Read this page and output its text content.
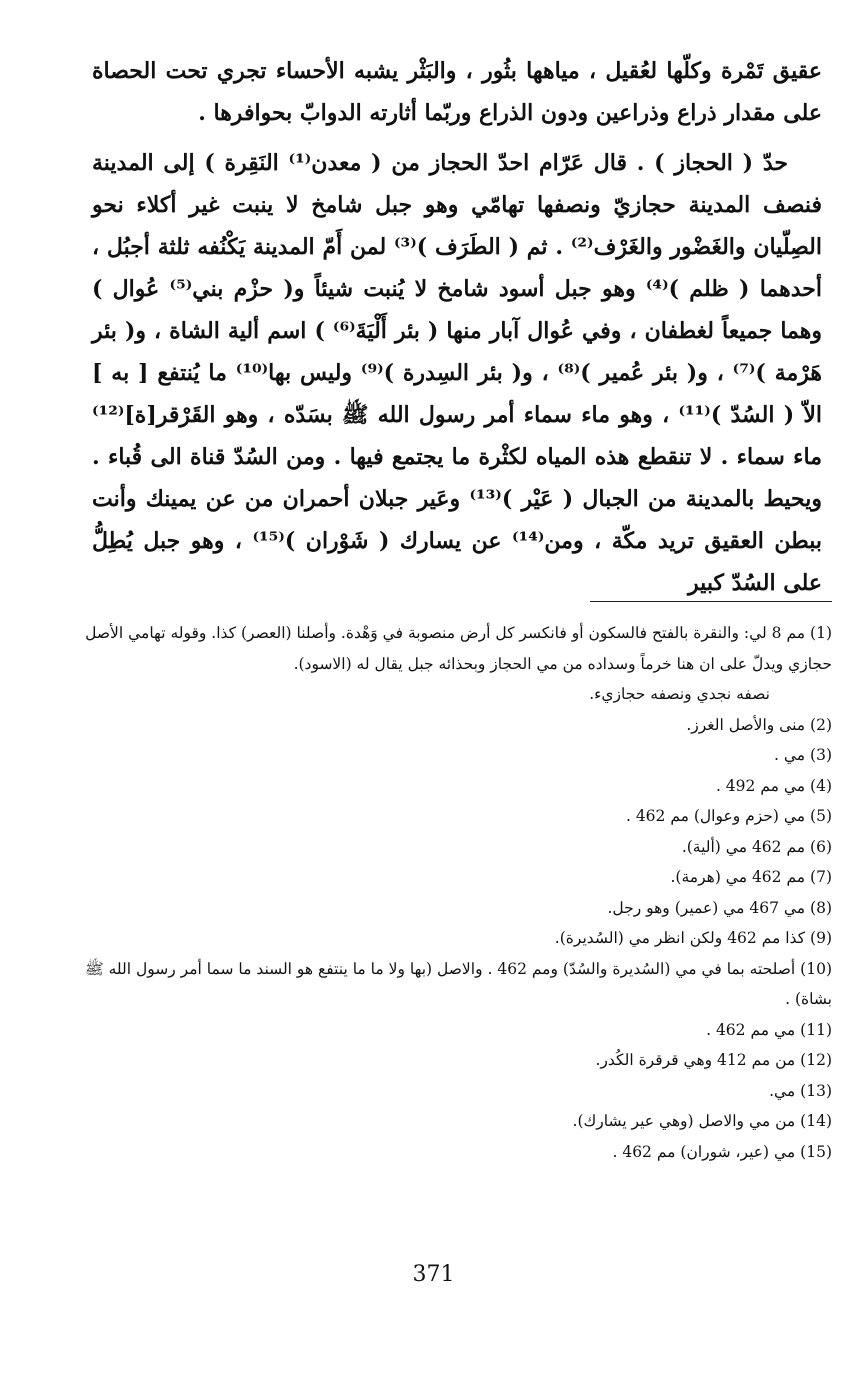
عقيق تَمْرة وكلّها لعُقيل ، مياهها بثُور ، والبَثْر يشبه الأحساء تجري تحت الحصاة على مقدار ذراع وذراعين ودون الذراع وربّما أثارته الدوابّ بحوافرها .

حدّ ( الحجاز ) . قال عَرّام احدّ الحجاز من ( معدن⁽¹⁾ النَقِرة ) إلى المدينة فنصف المدينة حجازيّ ونصفها تهامّي وهو جبل شامخ لا ينبت غير أكلاء نحو الصِلّيان والغَضْور والغَرْف⁽²⁾ . ثم ( الطَرَف )⁽³⁾ لمن أَمّ المدينة يَكْنُفه ثلثة أجبُل ، أحدهما ( ظلم )⁽⁴⁾ وهو جبل أسود شامخ لا يُنبت شيئاً و( حزْم بني⁽⁵⁾ عُوال ) وهما جميعاً لغطفان ، وفي عُوال آبار منها ( بئر أَلْيَةَ⁽⁶⁾ ) اسم ألية الشاة ، و( بئر هَرْمة )⁽⁷⁾ ، و( بئر عُمير )⁽⁸⁾ ، و( بئر السِدرة )⁽⁹⁾ وليس بها⁽¹⁰⁾ ما يُنتفع [ به ] الاّ ( السُدّ )⁽¹¹⁾ ، وهو ماء سماء أمر رسول الله ﷺ بسَدّه ، وهو القَرْقر[ة]⁽¹²⁾ ماء سماء . لا تنقطع هذه المياه لكثْرة ما يجتمع فيها . ومن السُدّ قناة الى قُباء . ويحيط بالمدينة من الجبال ( عَيْر )⁽¹³⁾ وعَير جبلان أحمران من عن يمينك وأنت ببطن العقيق تريد مكّة ، ومن⁽¹⁴⁾ عن يسارك ( شَوْران )⁽¹⁵⁾ ، وهو جبل يُطِلُّ على السُدّ كبير

(1) مم 8 لي: والنقرة بالفتح فالسكون أو فانكسر كل أرض منصوبة في وَهْدة. وأصلنا (العصر) كذا. وقوله تهامي الأصل حجازي ويدلّ على ان هنا خرماً وسداده من مي الحجاز وبحذائه جبل يقال له (الاسود).

نصفه نجدي ونصفه حجازيء.

(2) منى والأصل الغرز.

(3) مي .

(4) مي مم 492 .

(5) مي (حزم وعوال) مم 462 .

(6) مم 462 مي (ألية).

(7) مم 462 مي (هرمة).

(8) مي 467 مي (عمير) وهو رجل.

(9) كذا مم 462 ولكن انظر مي (السُديرة).

(10) أصلحته بما في مي (السُديرة والسُدّ) ومم 462 . والاصل (بها ولا ما ما ينتفع هو السند ما سما أمر رسول الله ﷺ بشاة) .

(11) مي مم 462 .

(12) من مم 412 وهي قرقرة الكُدر.

(13) مي.

(14) من مي والاصل (وهي عير يشارك).

(15) مي (عير، شوران) مم 462 .

371
